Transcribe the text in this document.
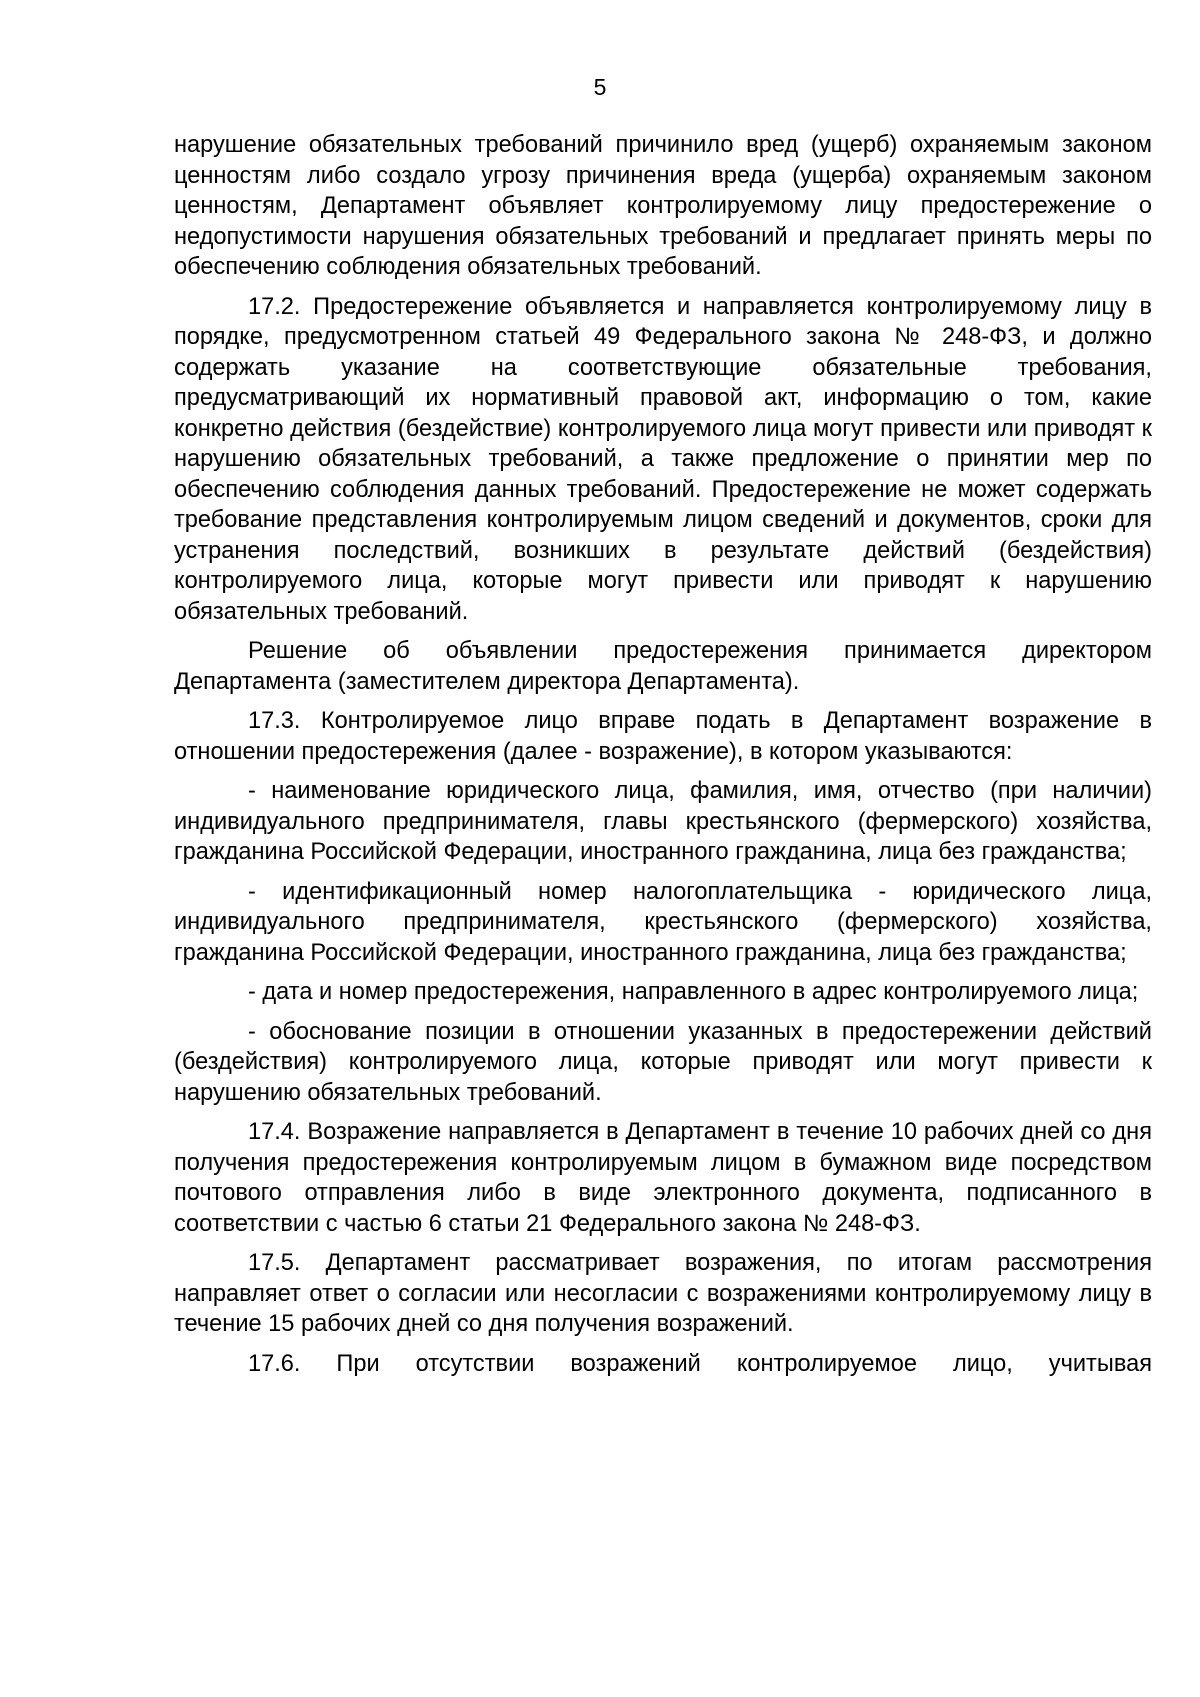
5

нарушение обязательных требований причинило вред (ущерб) охраняемым законом ценностям либо создало угрозу причинения вреда (ущерба) охраняемым законом ценностям, Департамент объявляет контролируемому лицу предостережение о недопустимости нарушения обязательных требований и предлагает принять меры по обеспечению соблюдения обязательных требований.

17.2. Предостережение объявляется и направляется контролируемому лицу в порядке, предусмотренном статьей 49 Федерального закона № 248-ФЗ, и должно содержать указание на соответствующие обязательные требования, предусматривающий их нормативный правовой акт, информацию о том, какие конкретно действия (бездействие) контролируемого лица могут привести или приводят к нарушению обязательных требований, а также предложение о принятии мер по обеспечению соблюдения данных требований. Предостережение не может содержать требование представления контролируемым лицом сведений и документов, сроки для устранения последствий, возникших в результате действий (бездействия) контролируемого лица, которые могут привести или приводят к нарушению обязательных требований.

Решение об объявлении предостережения принимается директором Департамента (заместителем директора Департамента).

17.3. Контролируемое лицо вправе подать в Департамент возражение в отношении предостережения (далее - возражение), в котором указываются:

- наименование юридического лица, фамилия, имя, отчество (при наличии) индивидуального предпринимателя, главы крестьянского (фермерского) хозяйства, гражданина Российской Федерации, иностранного гражданина, лица без гражданства;

- идентификационный номер налогоплательщика - юридического лица, индивидуального предпринимателя, крестьянского (фермерского) хозяйства, гражданина Российской Федерации, иностранного гражданина, лица без гражданства;

- дата и номер предостережения, направленного в адрес контролируемого лица;

- обоснование позиции в отношении указанных в предостережении действий (бездействия) контролируемого лица, которые приводят или могут привести к нарушению обязательных требований.

17.4. Возражение направляется в Департамент в течение 10 рабочих дней со дня получения предостережения контролируемым лицом в бумажном виде посредством почтового отправления либо в виде электронного документа, подписанного в соответствии с частью 6 статьи 21 Федерального закона № 248-ФЗ.

17.5. Департамент рассматривает возражения, по итогам рассмотрения направляет ответ о согласии или несогласии с возражениями контролируемому лицу в течение 15 рабочих дней со дня получения возражений.

17.6. При отсутствии возражений контролируемое лицо, учитывая
